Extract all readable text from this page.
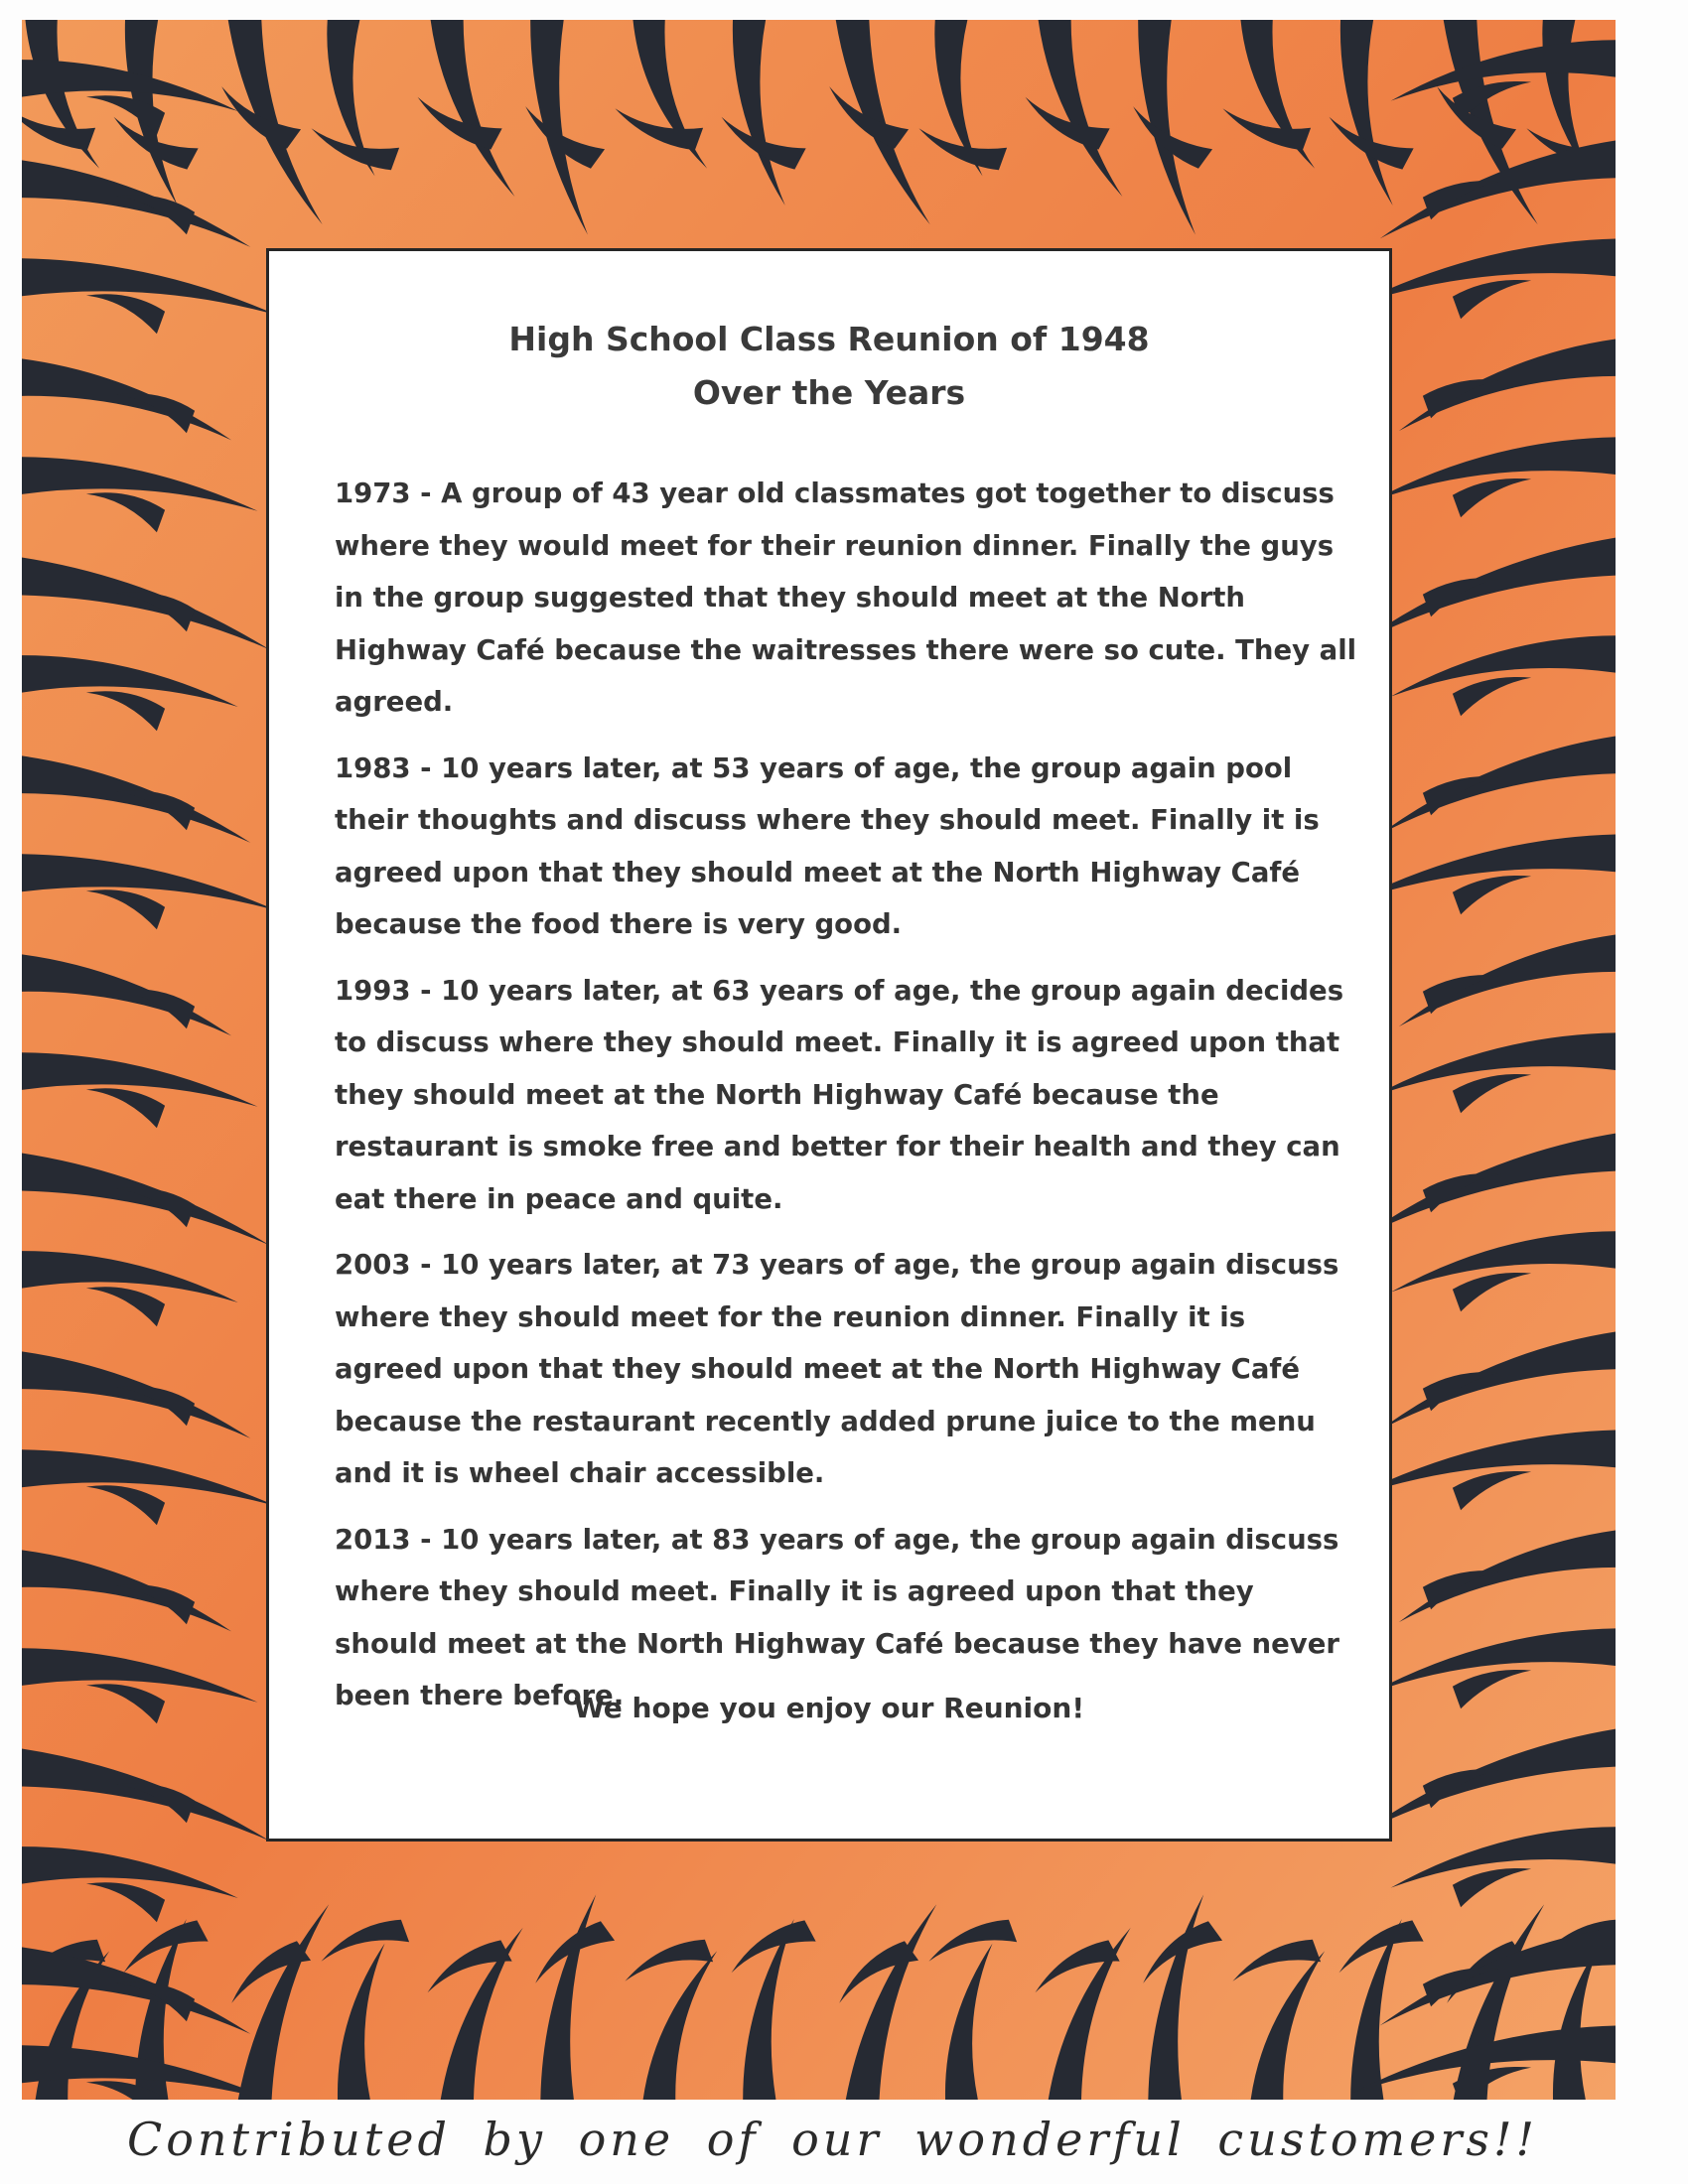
High School Class Reunion of 1948
Over the Years

1973 - A group of 43 year old classmates got together to discuss where they would meet for their reunion dinner. Finally the guys in the group suggested that they should meet at the North Highway Café because the waitresses there were so cute. They all agreed.

1983 - 10 years later, at 53 years of age, the group again pool their thoughts and discuss where they should meet. Finally it is agreed upon that they should meet at the North Highway Café because the food there is very good.

1993 - 10 years later, at 63 years of age, the group again decides to discuss where they should meet. Finally it is agreed upon that they should meet at the North Highway Café because the restaurant is smoke free and better for their health and they can eat there in peace and quite.

2003 - 10 years later, at 73 years of age, the group again discuss where they should meet for the reunion dinner. Finally it is agreed upon that they should meet at the North Highway Café because the restaurant recently added prune juice to the menu and it is wheel chair accessible.

2013 - 10 years later, at 83 years of age, the group again discuss where they should meet. Finally it is agreed upon that they should meet at the North Highway Café because they have never been there before.

We hope you enjoy our Reunion!
Contributed by one of our wonderful customers!!
